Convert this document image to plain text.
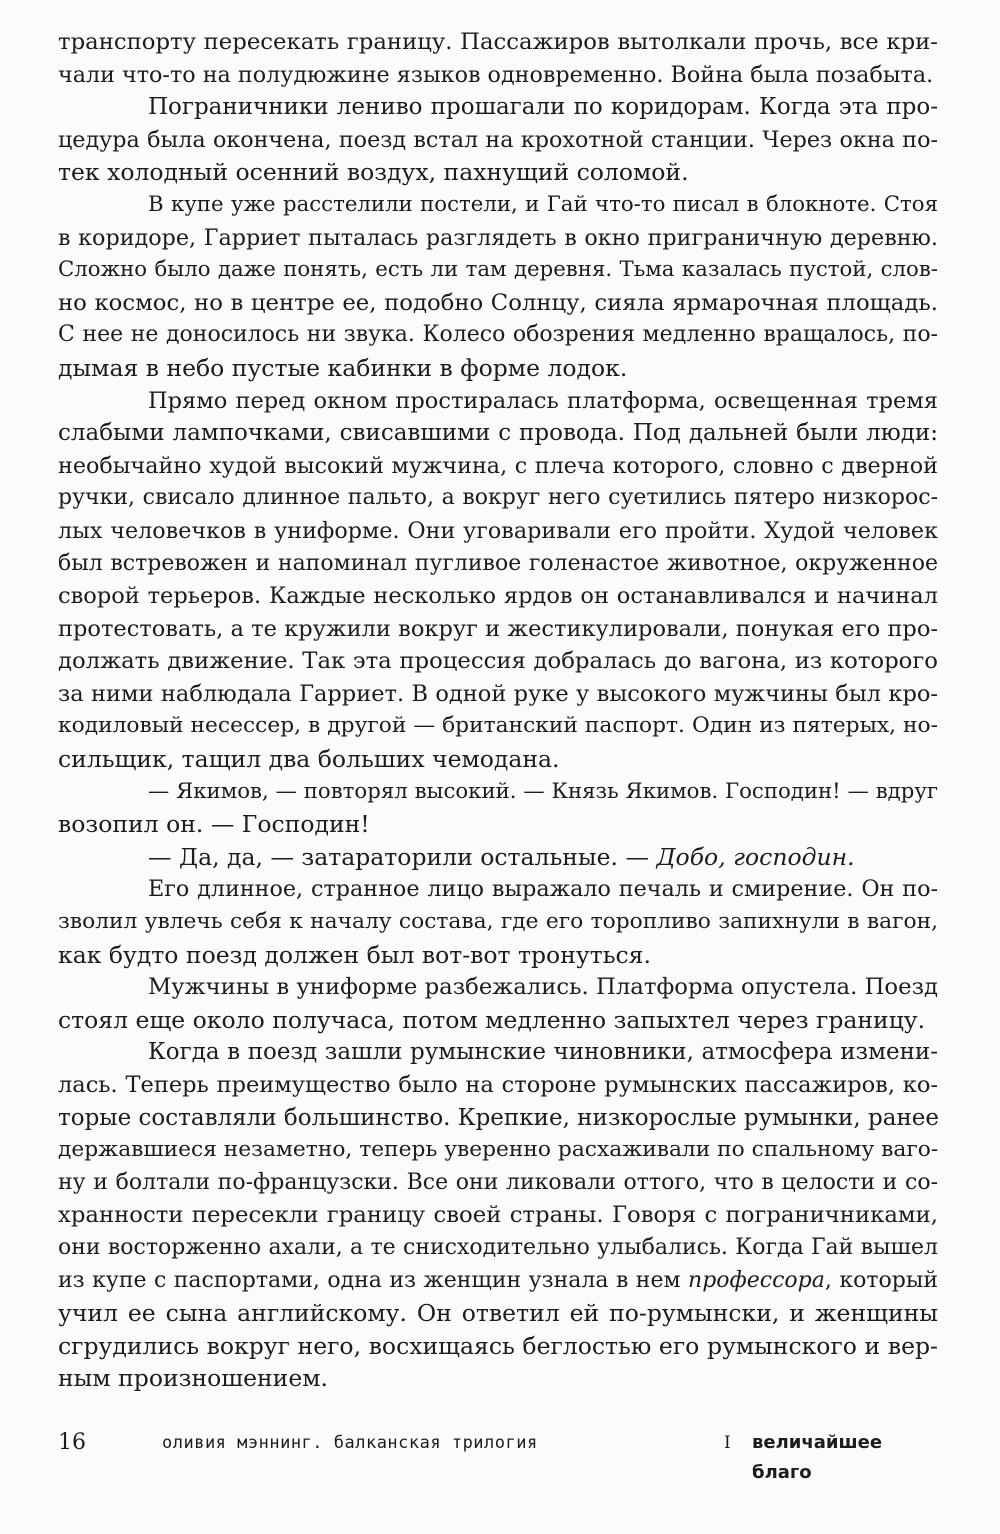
транспорту пересекать границу. Пассажиров вытолкали прочь, все кри-
чали что-то на полудюжине языков одновременно. Война была позабыта.
Пограничники лениво прошагали по коридорам. Когда эта про-
цедура была окончена, поезд встал на крохотной станции. Через окна по-
тек холодный осенний воздух, пахнущий соломой.
В купе уже расстелили постели, и Гай что-то писал в блокноте. Стоя
в коридоре, Гарриет пыталась разглядеть в окно приграничную деревню.
Сложно было даже понять, есть ли там деревня. Тьма казалась пустой, слов-
но космос, но в центре ее, подобно Солнцу, сияла ярмарочная площадь.
С нее не доносилось ни звука. Колесо обозрения медленно вращалось, по-
дымая в небо пустые кабинки в форме лодок.
Прямо перед окном простиралась платформа, освещенная тремя
слабыми лампочками, свисавшими с провода. Под дальней были люди:
необычайно худой высокий мужчина, с плеча которого, словно с дверной
ручки, свисало длинное пальто, а вокруг него суетились пятеро низкорос-
лых человечков в униформе. Они уговаривали его пройти. Худой человек
был встревожен и напоминал пугливое голенастое животное, окруженное
сворой терьеров. Каждые несколько ярдов он останавливался и начинал
протестовать, а те кружили вокруг и жестикулировали, понукая его про-
должать движение. Так эта процессия добралась до вагона, из которого
за ними наблюдала Гарриет. В одной руке у высокого мужчины был кро-
кодиловый несессер, в другой — британский паспорт. Один из пятерых, но-
сильщик, тащил два больших чемодана.
— Якимов, — повторял высокий. — Князь Якимов. Господин! — вдруг
возопил он. — Господин!
— Да, да, — затараторили остальные. — Добо, господин.
Его длинное, странное лицо выражало печаль и смирение. Он по-
зволил увлечь себя к началу состава, где его торопливо запихнули в вагон,
как будто поезд должен был вот-вот тронуться.
Мужчины в униформе разбежались. Платформа опустела. Поезд
стоял еще около получаса, потом медленно запыхтел через границу.
Когда в поезд зашли румынские чиновники, атмосфера измени-
лась. Теперь преимущество было на стороне румынских пассажиров, ко-
торые составляли большинство. Крепкие, низкорослые румынки, ранее
державшиеся незаметно, теперь уверенно расхаживали по спальному ваго-
ну и болтали по-французски. Все они ликовали оттого, что в целости и со-
хранности пересекли границу своей страны. Говоря с пограничниками,
они восторженно ахали, а те снисходительно улыбались. Когда Гай вышел
из купе с паспортами, одна из женщин узнала в нем профессора, который
учил ее сына английскому. Он ответил ей по-румынски, и женщины
сгрудились вокруг него, восхищаясь беглостью его румынского и вер-
ным произношением.
16	оливия мэннинг. балканская трилогия	I величайшее благо
